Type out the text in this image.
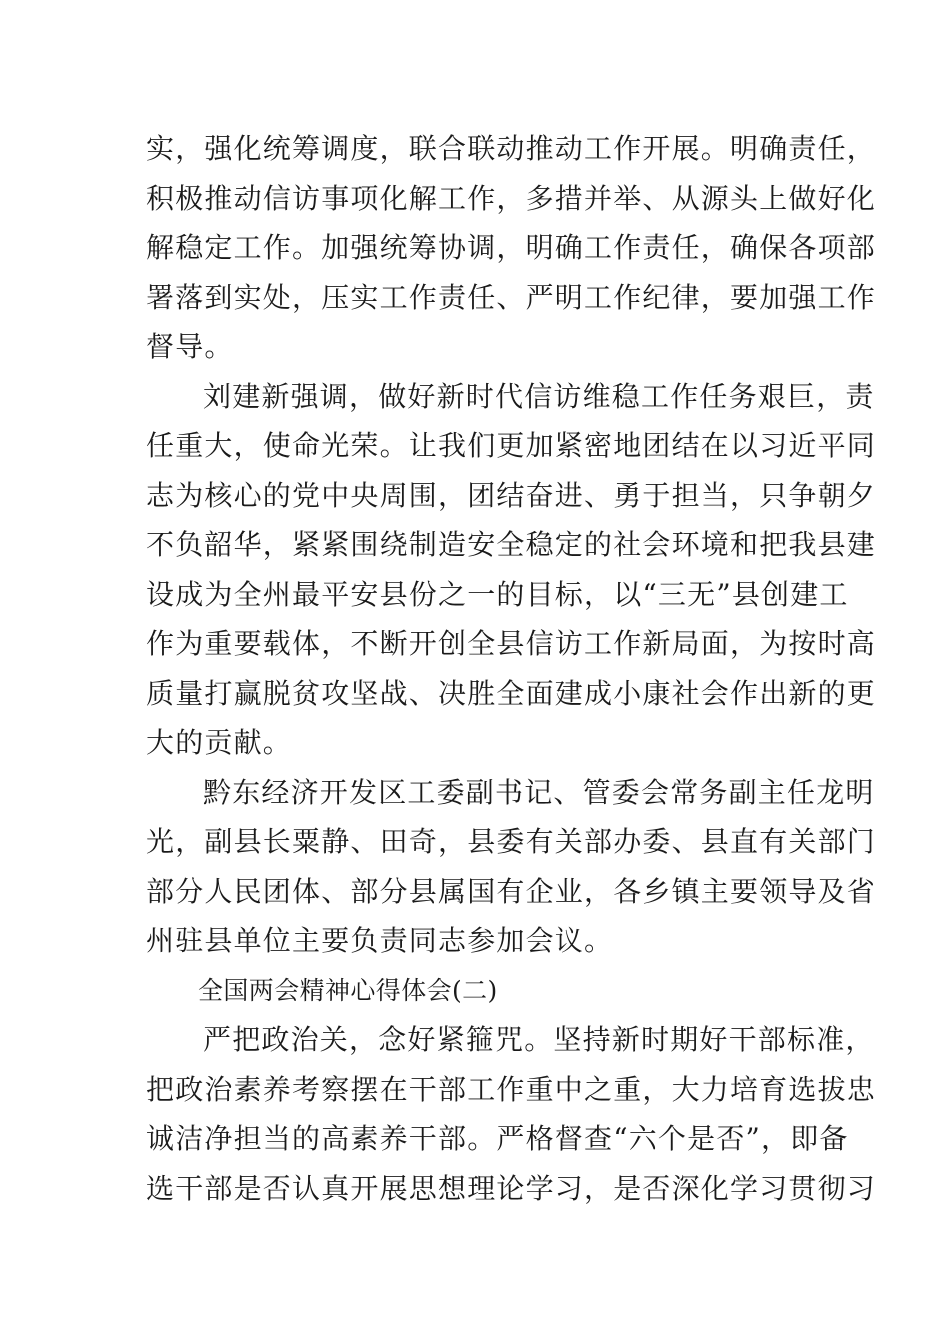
实，强化统筹调度，联合联动推动工作开展。明确责任，
积极推动信访事项化解工作，多措并举、从源头上做好化
解稳定工作。加强统筹协调，明确工作责任，确保各项部
署落到实处，压实工作责任、严明工作纪律，要加强工作
督导。
刘建新强调，做好新时代信访维稳工作任务艰巨，责
任重大，使命光荣。让我们更加紧密地团结在以习近平同
志为核心的党中央周围，团结奋进、勇于担当，只争朝夕
不负韶华，紧紧围绕制造安全稳定的社会环境和把我县建
设成为全州最平安县份之一的目标，以“三无”县创建工
作为重要载体，不断开创全县信访工作新局面，为按时高
质量打赢脱贫攻坚战、决胜全面建成小康社会作出新的更
大的贡献。
黔东经济开发区工委副书记、管委会常务副主任龙明
光，副县长粟静、田奇，县委有关部办委、县直有关部门
部分人民团体、部分县属国有企业，各乡镇主要领导及省
州驻县单位主要负责同志参加会议。
全国两会精神心得体会(二)
严把政治关，念好紧箍咒。坚持新时期好干部标准，
把政治素养考察摆在干部工作重中之重，大力培育选拔忠
诚洁净担当的高素养干部。严格督查“六个是否”，即备
选干部是否认真开展思想理论学习，是否深化学习贯彻习
